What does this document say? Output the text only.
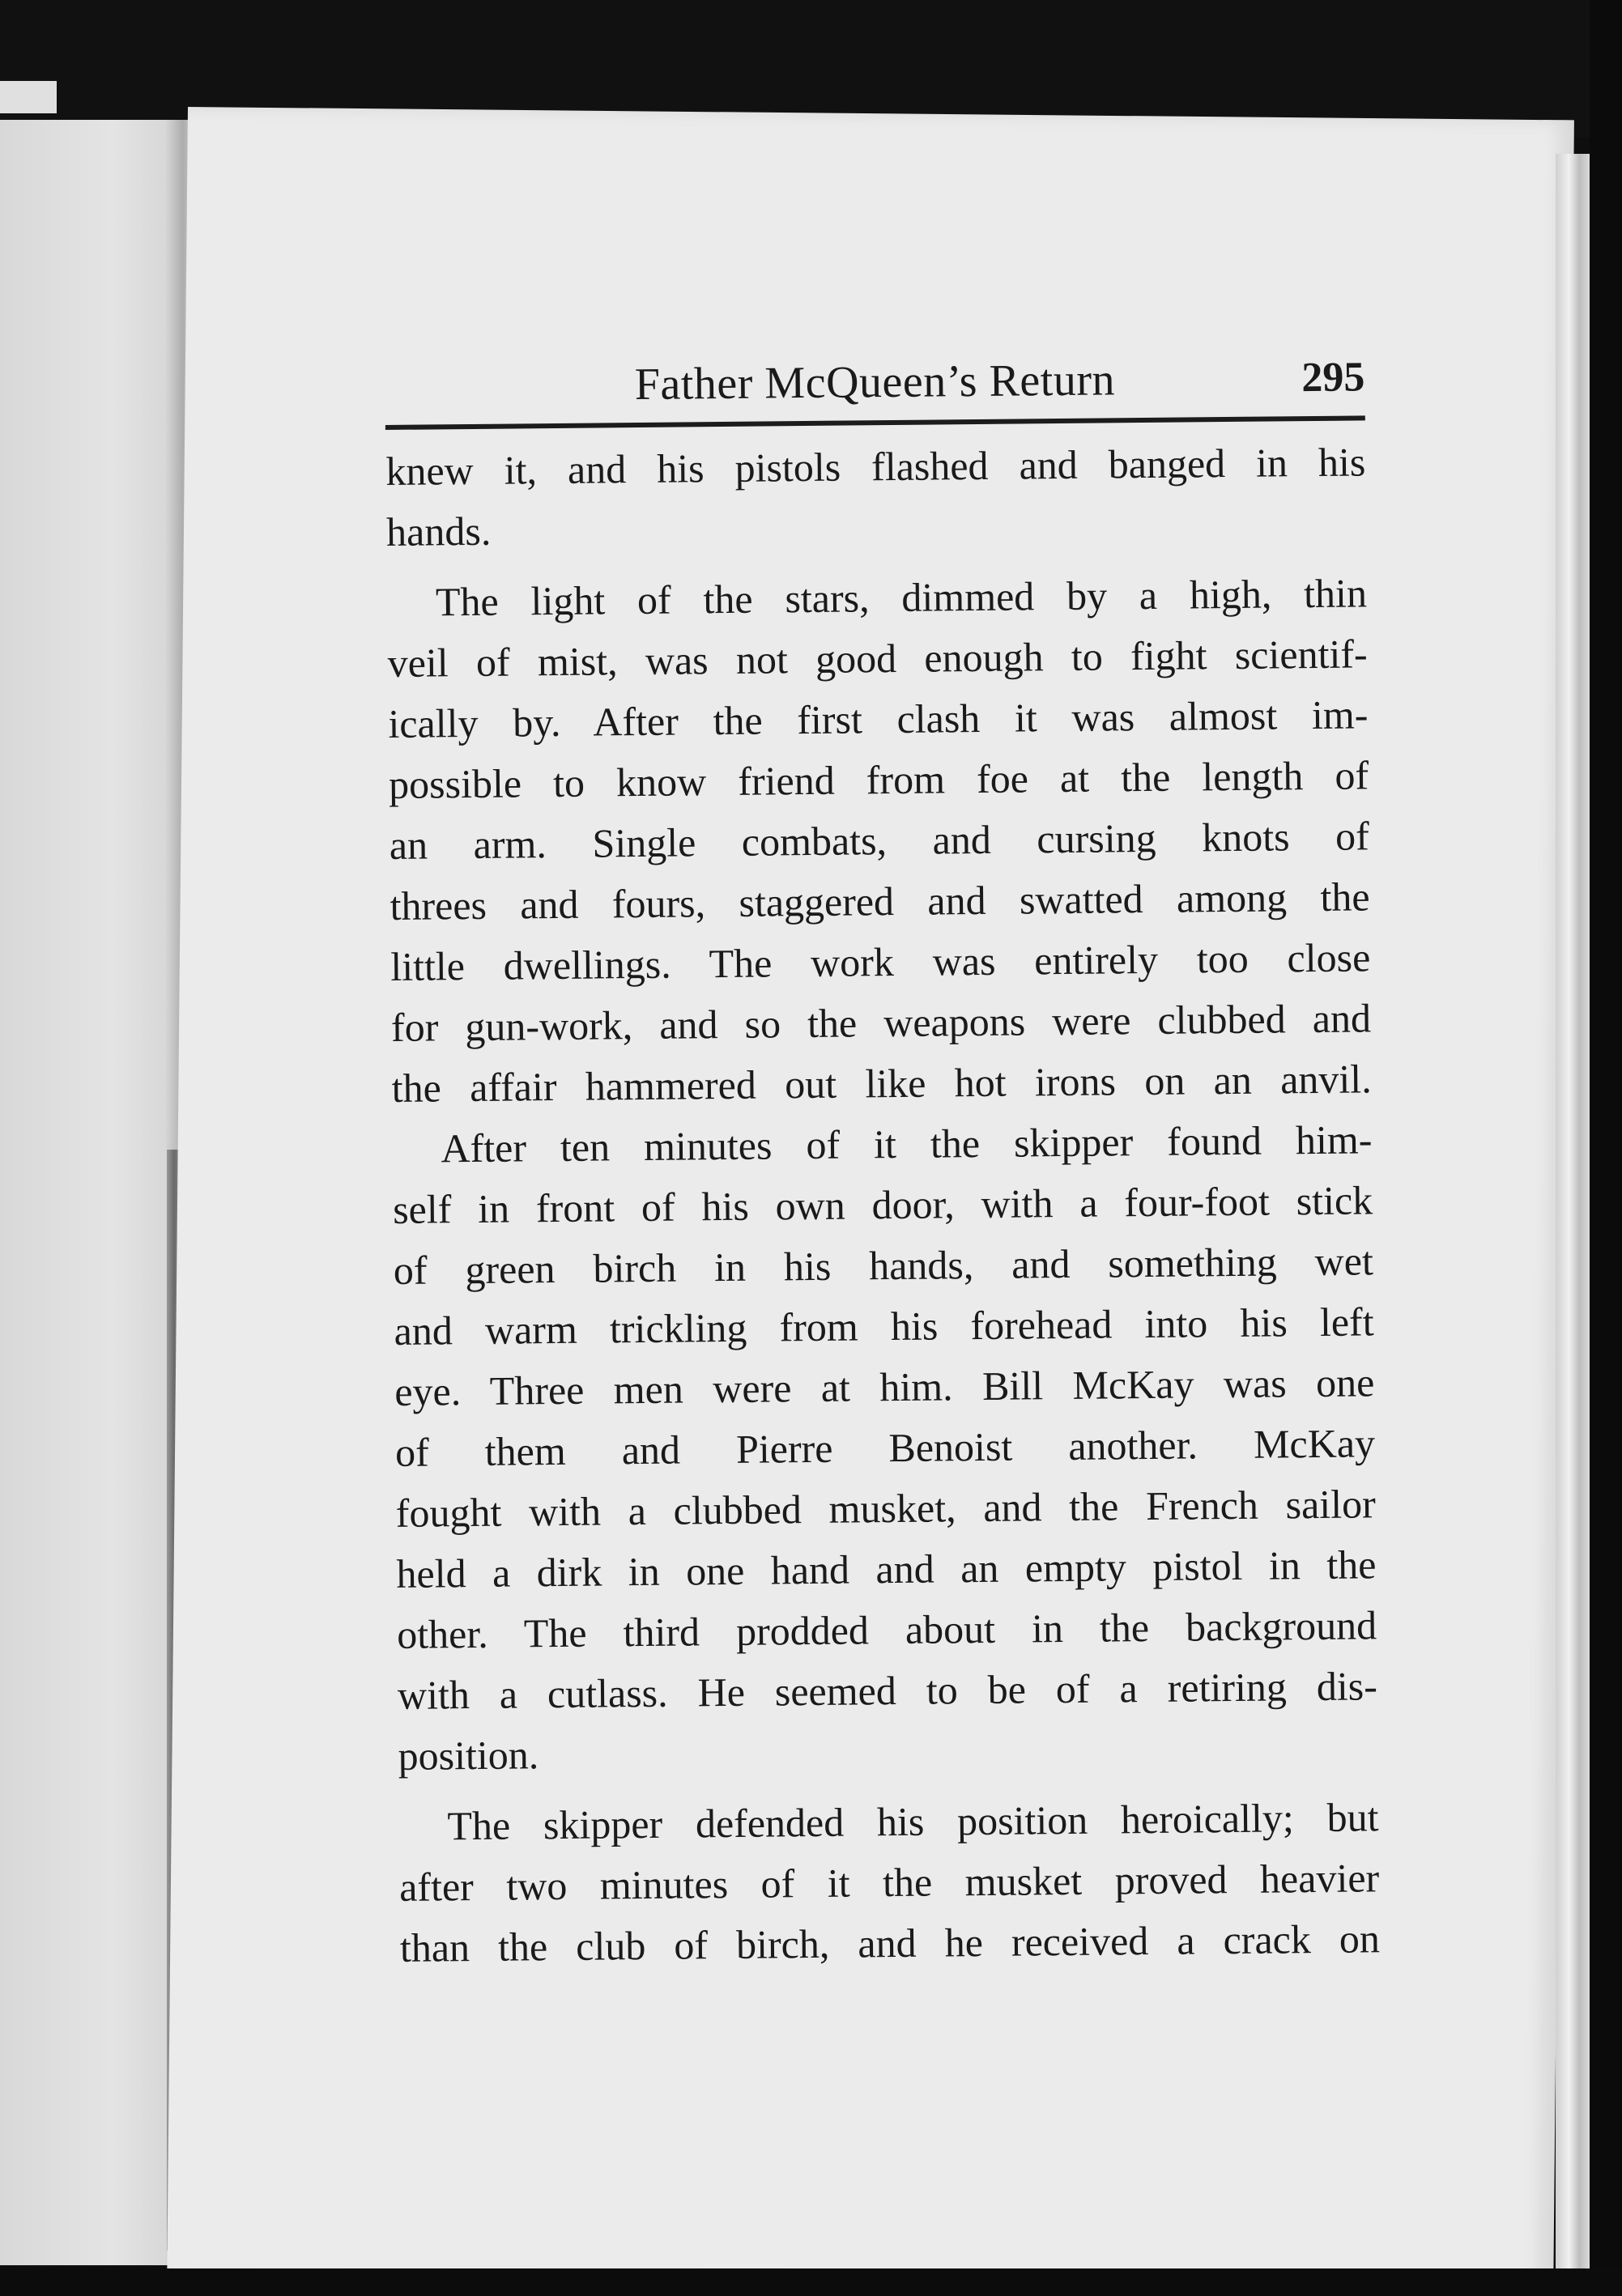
Father McQueen’s Return	295
knew it, and his pistols flashed and banged in his
hands.
The light of the stars, dimmed by a high, thin
veil of mist, was not good enough to fight scientif-
ically by. After the first clash it was almost im-
possible to know friend from foe at the length of
an arm. Single combats, and cursing knots of
threes and fours, staggered and swatted among the
little dwellings. The work was entirely too close
for gun-work, and so the weapons were clubbed and
the affair hammered out like hot irons on an anvil.
After ten minutes of it the skipper found him-
self in front of his own door, with a four-foot stick
of green birch in his hands, and something wet
and warm trickling from his forehead into his left
eye. Three men were at him. Bill McKay was one
of them and Pierre Benoist another. McKay
fought with a clubbed musket, and the French sailor
held a dirk in one hand and an empty pistol in the
other. The third prodded about in the background
with a cutlass. He seemed to be of a retiring dis-
position.
The skipper defended his position heroically; but
after two minutes of it the musket proved heavier
than the club of birch, and he received a crack on
